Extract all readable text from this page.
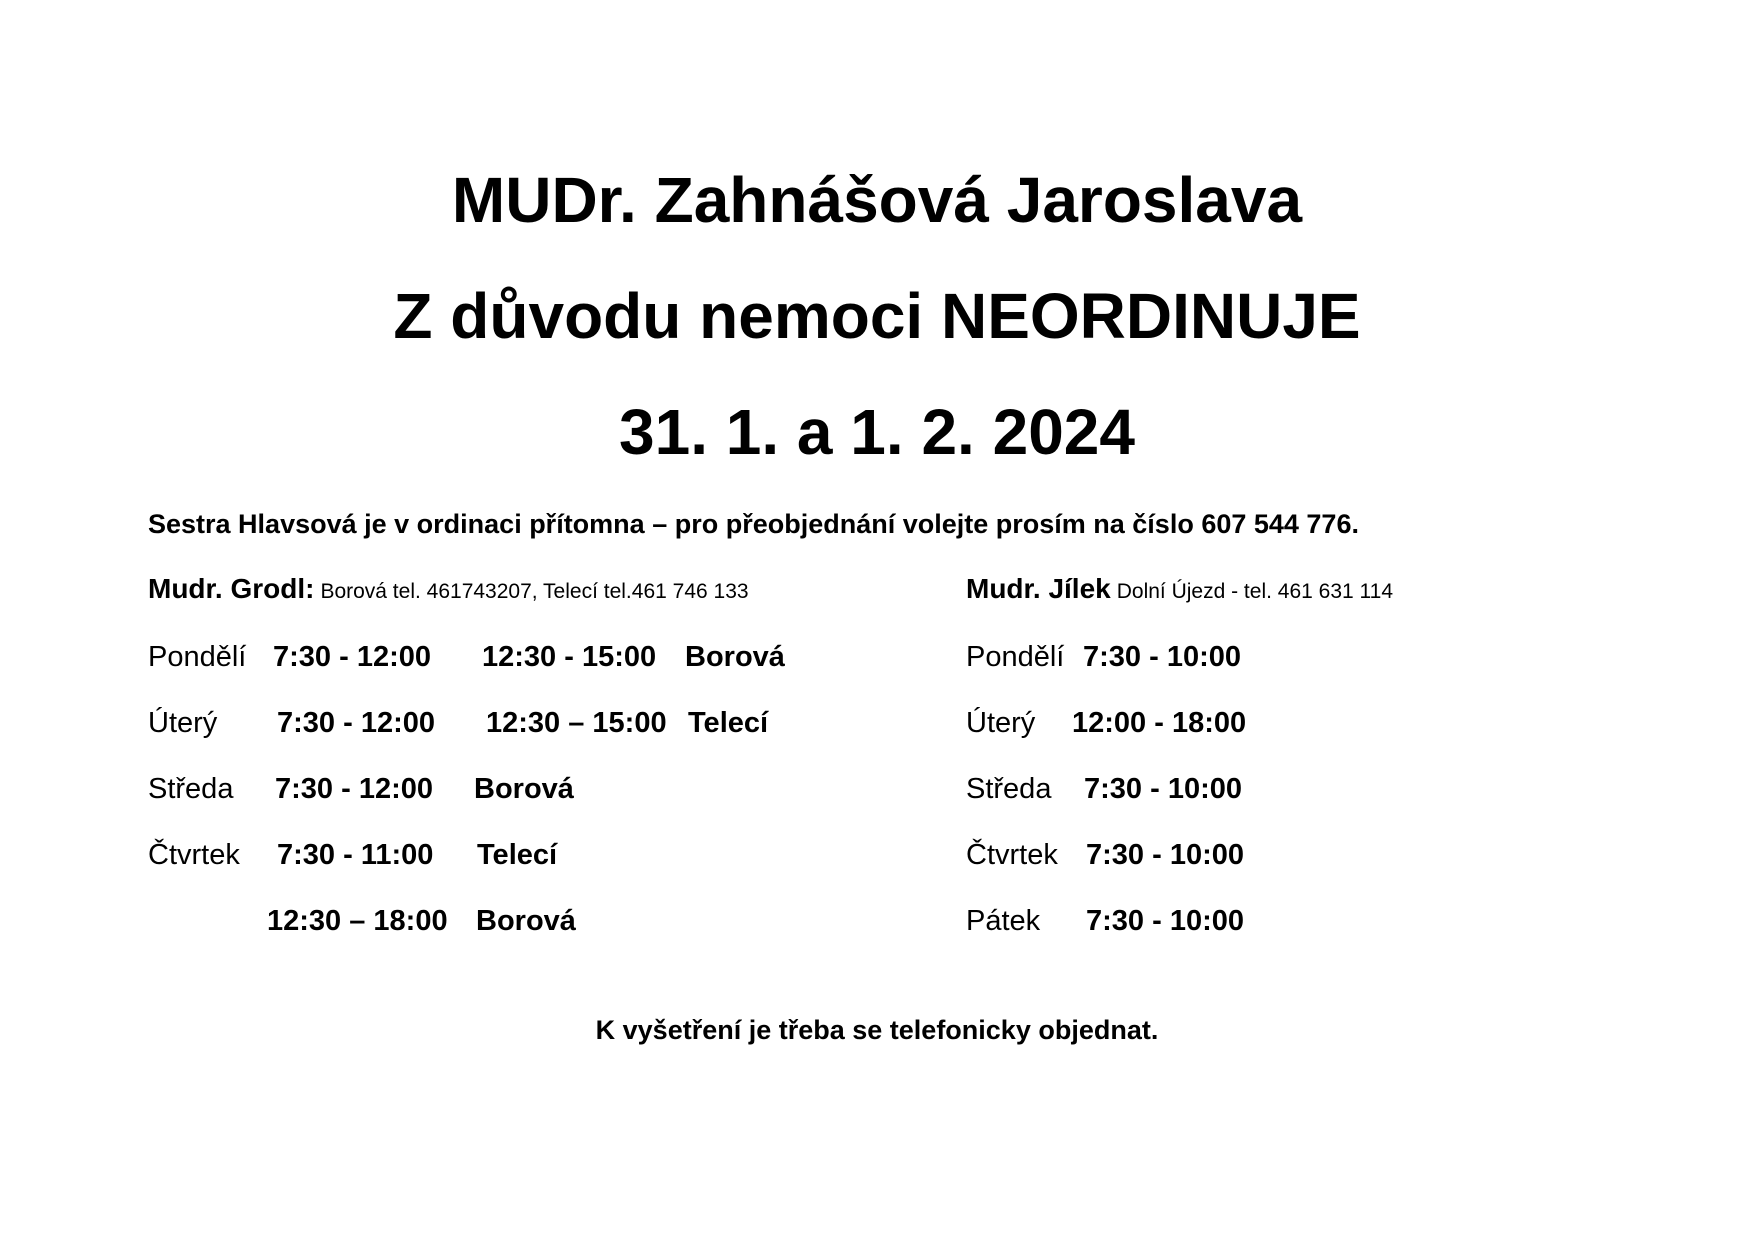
MUDr. Zahnášová Jaroslava
Z důvodu nemoci NEORDINUJE
31. 1. a 1. 2. 2024
Sestra Hlavsová je v ordinaci přítomna – pro přeobjednání volejte prosím na číslo 607 544 776.
Mudr. Grodl: Borová tel. 461743207, Telecí tel.461 746 133	Mudr. Jílek Dolní Újezd - tel. 461 631 114
Pondělí 7:30 - 12:00 12:30 - 15:00 Borová
Úterý 7:30 - 12:00 12:30 – 15:00 Telecí
Středa 7:30 - 12:00 Borová
Čtvrtek 7:30 - 11:00 Telecí
12:30 – 18:00 Borová
Pondělí 7:30 - 10:00
Úterý 12:00 - 18:00
Středa 7:30 - 10:00
Čtvrtek 7:30 - 10:00
Pátek 7:30 - 10:00
K vyšetření je třeba se telefonicky objednat.
